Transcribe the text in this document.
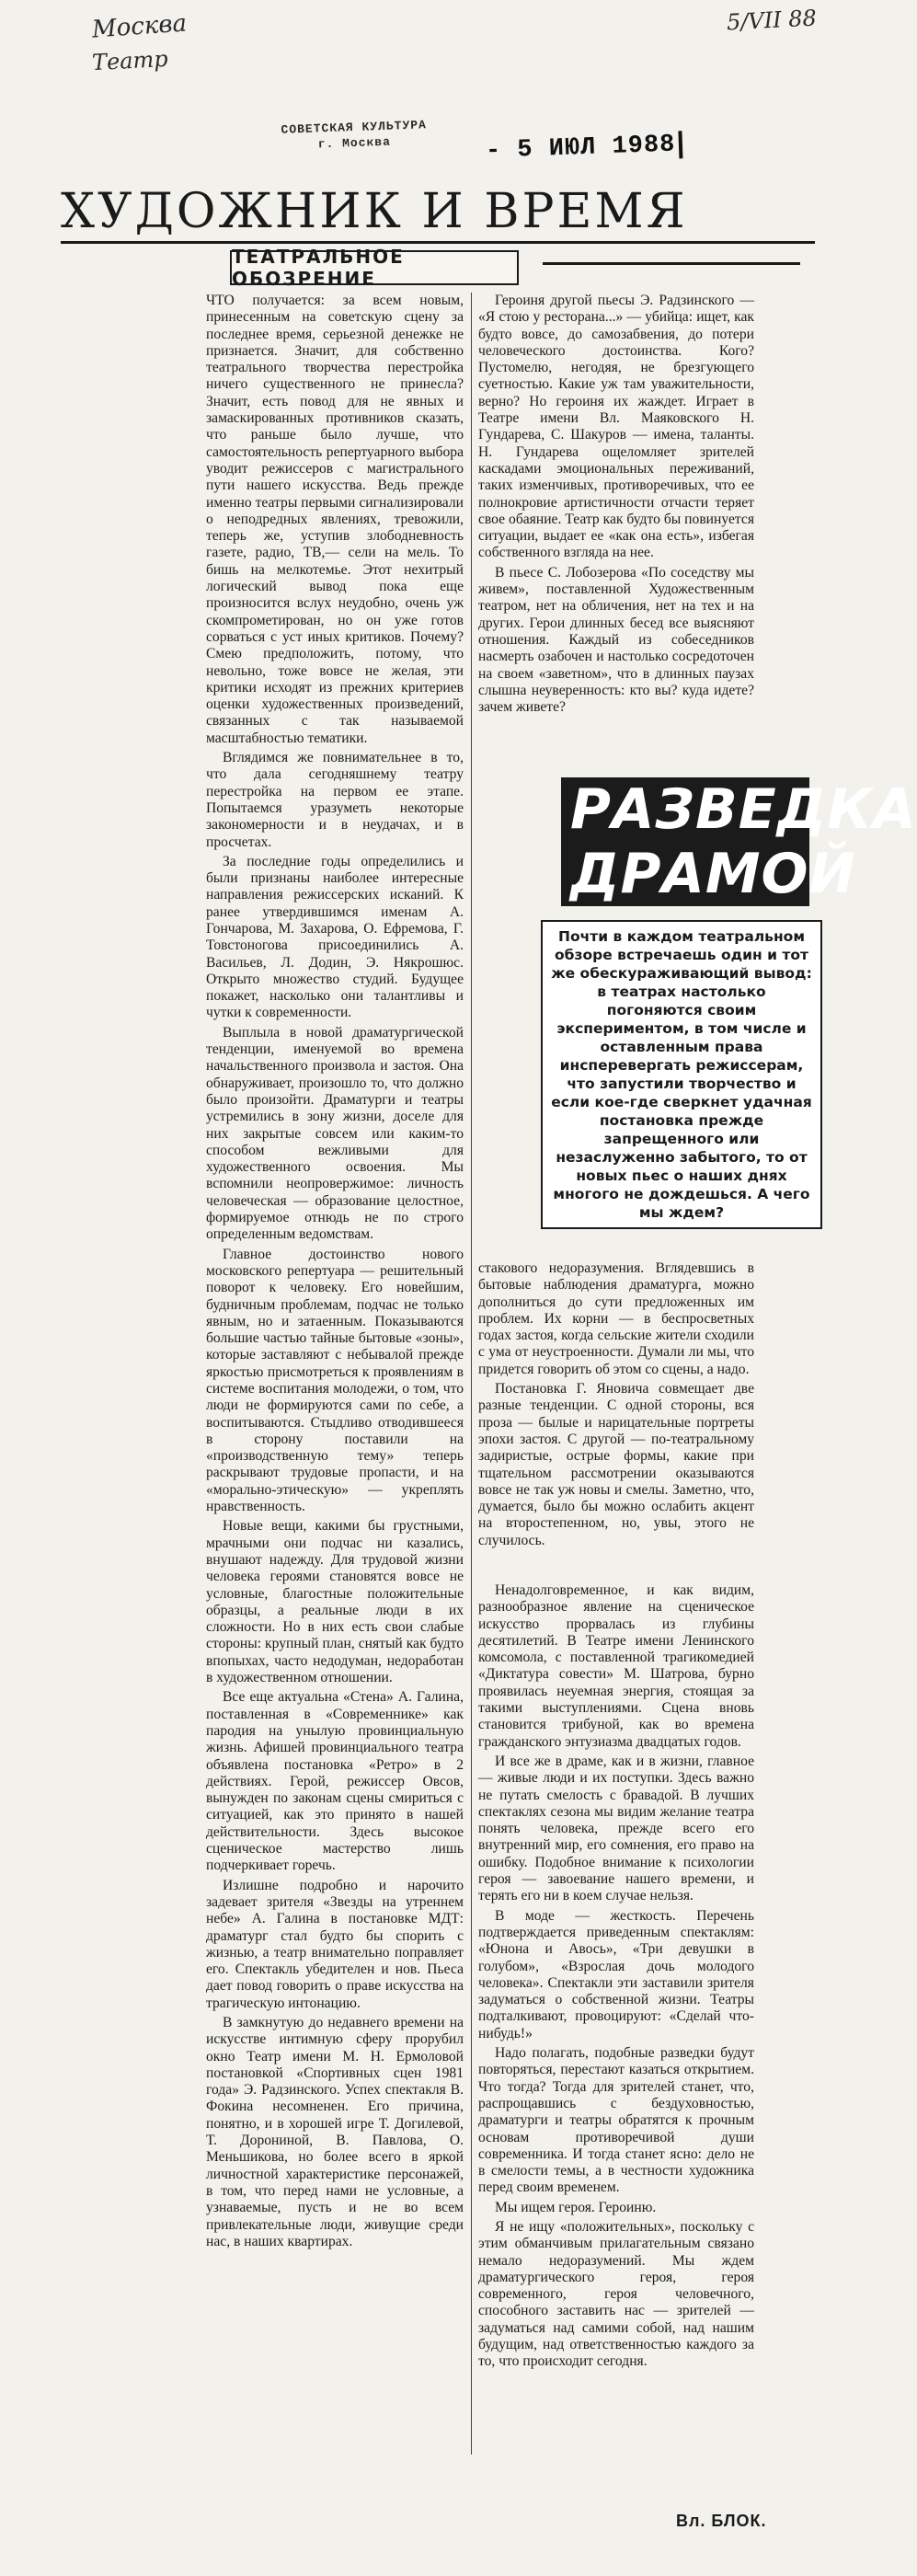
Москва
Театр
5/VII 88
СОВЕТСКАЯ КУЛЬТУРА
г. Москва	- 5 ИЮЛ 1988
ХУДОЖНИК И ВРЕМЯ
ТЕАТРАЛЬНОЕ ОБОЗРЕНИЕ

ЧТО получается: за всем новым, принесенным на советскую сцену за последнее время, серьезной денежке не признается. Значит, для собственно театрального творчества перестройка ничего существенного не принесла? Значит, есть повод для не явных и замаскированных противников сказать, что раньше было лучше, что самостоятельность репертуарного выбора уводит режиссеров с магистрального пути нашего искусства. Ведь прежде именно театры первыми сигнализировали о неподредных явлениях, тревожили, теперь же, уступив злободневность газете, радио, ТВ,— сели на мель. То бишь на мелкотемье. Этот нехитрый логический вывод пока еще произносится вслух неудобно, очень уж скомпрометирован, но он уже готов сорваться с уст иных критиков. Почему? Смею предположить, потому, что невольно, тоже вовсе не желая, эти критики исходят из прежних критериев оценки художественных произведений, связанных с так называемой масштабностью тематики.

Вглядимся же повнимательнее в то, что дала сегодняшнему театру перестройка на первом ее этапе. Попытаемся уразуметь некоторые закономерности и в неудачах, и в просчетах.

За последние годы определились и были признаны наиболее интересные направления режиссерских исканий. К ранее утвердившимся именам А. Гончарова, М. Захарова, О. Ефремова, Г. Товстоногова присоединились А. Васильев, Л. Додин, Э. Някрошюс. Открыто множество студий. Будущее покажет, насколько они талантливы и чутки к современности.

Выплыла в новой драматургической тенденции, именуемой во времена начальственного произвола и застоя. Она обнаруживает, произошло то, что должно было произойти. Драматурги и театры устремились в зону жизни, доселе для них закрытые совсем или каким-то способом вежливыми для художественного освоения. Мы вспомнили неопровержимое: личность человеческая — образование целостное, формируемое отнюдь не по строго определенным ведомствам.

Главное достоинство нового московского репертуара — решительный поворот к человеку. Его новейшим, будничным проблемам, подчас не только явным, но и затаенным. Показываются большие частью тайные бытовые «зоны», которые заставляют с небывалой прежде яркостью присмотреться к проявлениям в системе воспитания молодежи, о том, что люди не формируются сами по себе, а воспитываются. Стыдливо отводившееся в сторону поставили на «производственную тему» теперь раскрывают трудовые пропасти, и на «морально-этическую» — укреплять нравственность.

Новые вещи, какими бы грустными, мрачными они подчас ни казались, внушают надежду. Для трудовой жизни человека героями становятся вовсе не условные, благостные положительные образцы, а реальные люди в их сложности. Но в них есть свои слабые стороны: крупный план, снятый как будто впопыхах, часто недодуман, недоработан в художественном отношении.

Все еще актуальна «Стена» А. Галина, поставленная в «Современнике» как пародия на унылую провинциальную жизнь. Афишей провинциального театра объявлена постановка «Ретро» в 2 действиях. Герой, режиссер Овсов, вынужден по законам сцены смириться с ситуацией, как это принято в нашей действительности. Здесь высокое сценическое мастерство лишь подчеркивает горечь.

Излишне подробно и нарочито задевает зрителя «Звезды на утреннем небе» А. Галина в постановке МДТ: драматург стал будто бы спорить с жизнью, а театр внимательно поправляет его. Спектакль убедителен и нов. Пьеса дает повод говорить о праве искусства на трагическую интонацию.

В замкнутую до недавнего времени на искусстве интимную сферу прорубил окно Театр имени М. Н. Ермоловой постановкой «Спортивных сцен 1981 года» Э. Радзинского. Успех спектакля В. Фокина несомненен. Его причина, понятно, и в хорошей игре Т. Догилевой, Т. Дорониной, В. Павлова, О. Меньшикова, но более всего в яркой личностной характеристике персонажей, в том, что перед нами не условные, а узнаваемые, пусть и не во всем привлекательные люди, живущие среди нас, в наших квартирах.

Героиня другой пьесы Э. Радзинского — «Я стою у ресторана...» — убийца: ищет, как будто вовсе, до самозабвения, до потери человеческого достоинства. Кого? Пустомелю, негодяя, не брезгующего суетностью. Какие уж там уважительности, верно? Но героиня их жаждет. Играет в Театре имени Вл. Маяковского Н. Гундарева, С. Шакуров — имена, таланты. Н. Гундарева ощеломляет зрителей каскадами эмоциональных переживаний, таких изменчивых, противоречивых, что ее полнокровие артистичности отчасти теряет свое обаяние. Театр как будто бы повинуется ситуации, выдает ее «как она есть», избегая собственного взгляда на нее.

В пьесе С. Лобозерова «По соседству мы живем», поставленной Художественным театром, нет на обличения, нет на тех и на других. Герои длинных бесед все выясняют отношения. Каждый из собеседников насмерть озабочен и настолько сосредоточен на своем «заветном», что в длинных паузах слышна неуверенность: кто вы? куда идете? зачем живете?

РАЗВЕДКА
ДРАМОЙ
Почти в каждом театральном обзоре встречаешь один и тот же обескураживающий вывод: в театрах настолько погоняются своим экспериментом, в том числе и оставленным права инсперевергать режиссерам, что запустили творчество и если кое-где сверкнет удачная постановка прежде запрещенного или незаслуженно забытого, то от новых пьес о наших днях многого не дождешься. А чего мы ждем?

стакового недоразумения. Вглядевшись в бытовые наблюдения драматурга, можно дополниться до сути предложенных им проблем. Их корни — в беспросветных годах застоя, когда сельские жители сходили с ума от неустроенности. Думали ли мы, что придется говорить об этом со сцены, а надо.

Постановка Г. Яновича совмещает две разные тенденции. С одной стороны, вся проза — былые и нарицательные портреты эпохи застоя. С другой — по-театральному задиристые, острые формы, какие при тщательном рассмотрении оказываются вовсе не так уж новы и смелы. Заметно, что, думается, было бы можно ослабить акцент на второстепенном, но, увы, этого не случилось.

Ненадолговременное, и как видим, разнообразное явление на сценическое искусство прорвалась из глубины десятилетий. В Театре имени Ленинского комсомола, с поставленной трагикомедией «Диктатура совести» М. Шатрова, бурно проявилась неуемная энергия, стоящая за такими выступлениями. Сцена вновь становится трибуной, как во времена гражданского энтузиазма двадцатых годов.

И все же в драме, как и в жизни, главное — живые люди и их поступки. Здесь важно не путать смелость с бравадой. В лучших спектаклях сезона мы видим желание театра понять человека, прежде всего его внутренний мир, его сомнения, его право на ошибку. Подобное внимание к психологии героя — завоевание нашего времени, и терять его ни в коем случае нельзя.

В моде — жесткость. Перечень подтверждается приведенным спектаклям: «Юнона и Авось», «Три девушки в голубом», «Взрослая дочь молодого человека». Спектакли эти заставили зрителя задуматься о собственной жизни. Театры подталкивают, провоцируют: «Сделай что-нибудь!»

Надо полагать, подобные разведки будут повторяться, перестают казаться открытием. Что тогда? Тогда для зрителей станет, что, распрощавшись с бездуховностью, драматурги и театры обратятся к прочным основам противоречивой души современника. И тогда станет ясно: дело не в смелости темы, а в честности художника перед своим временем.

Мы ищем героя. Героиню.

Я не ищу «положительных», поскольку с этим обманчивым прилагательным связано немало недоразумений. Мы ждем драматургического героя, героя современного, героя человечного, способного заставить нас — зрителей — задуматься над самими собой, над нашим будущим, над ответственностью каждого за то, что происходит сегодня.

Вл. БЛОК.
